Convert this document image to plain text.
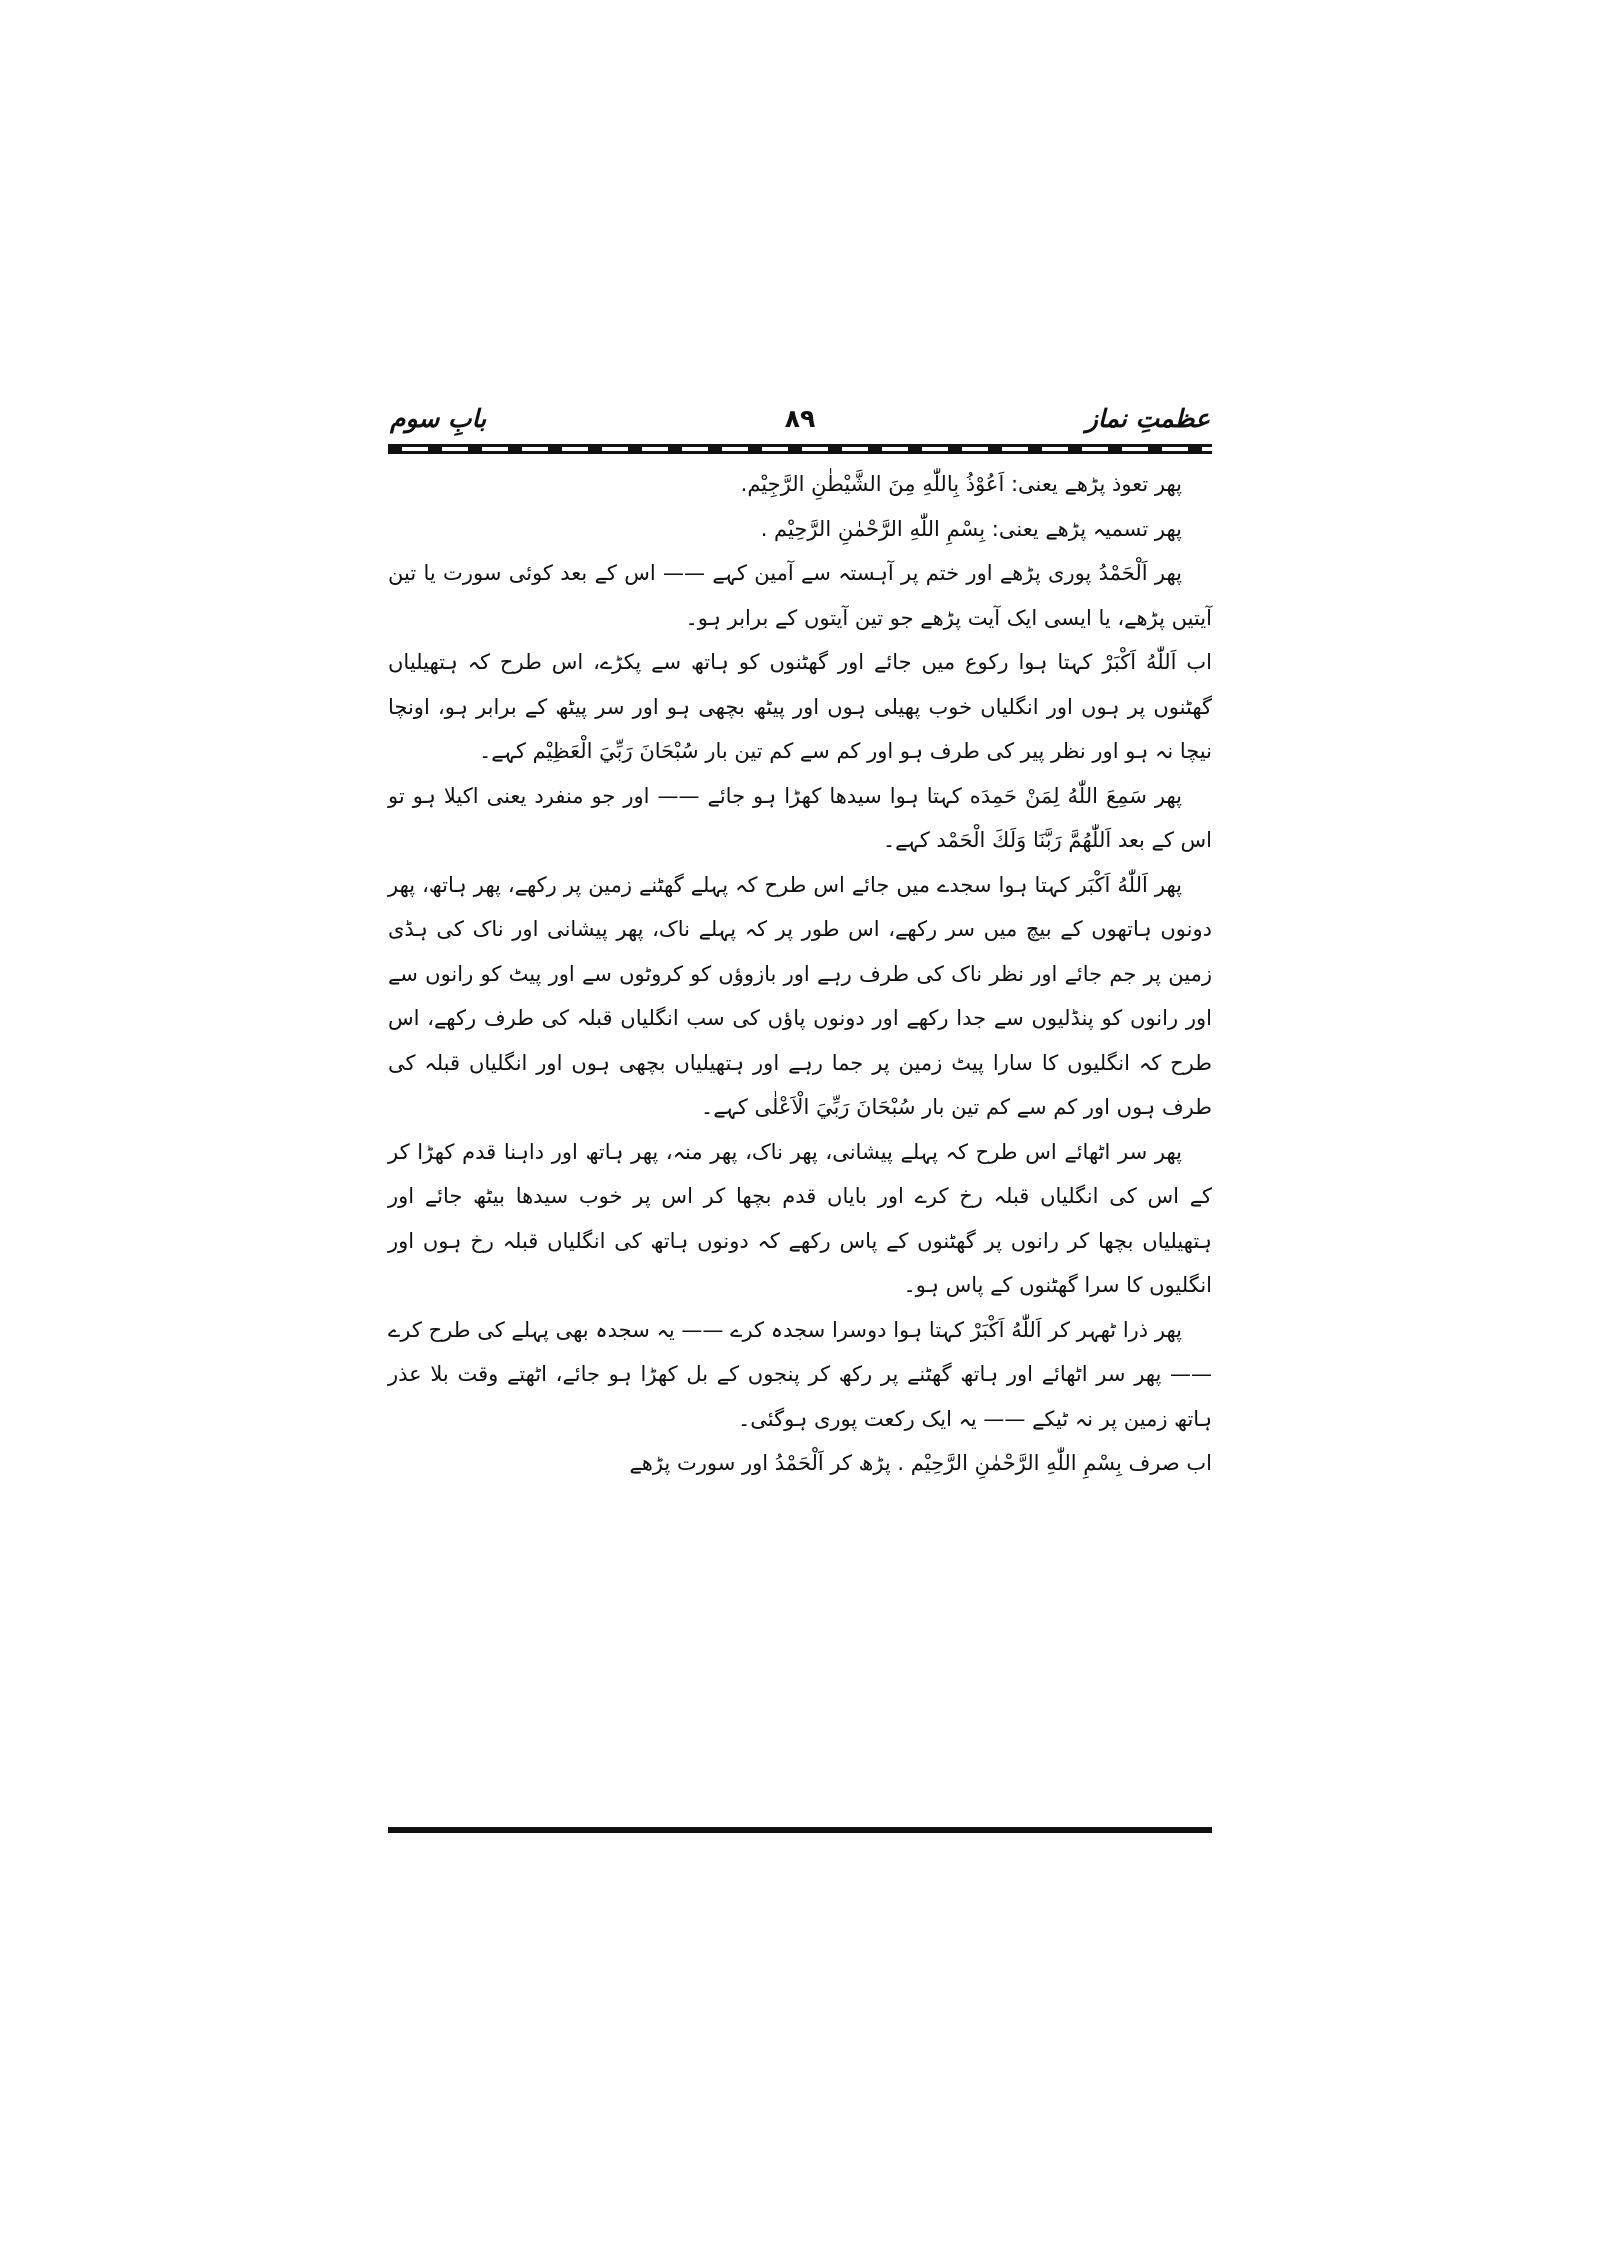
عظمتِ نماز
۸۹
بابِ سوم

پھر تعوذ پڑھے یعنی: اَعُوْذُ بِاللّٰهِ مِنَ الشَّيْطٰنِ الرَّجِيْم.

پھر تسمیہ پڑھے یعنی: بِسْمِ اللّٰهِ الرَّحْمٰنِ الرَّحِيْم .

پھر اَلْحَمْدُ پوری پڑھے اور ختم پر آہستہ سے آمین کہے —— اس کے بعد کوئی سورت یا تین آیتیں پڑھے، یا ایسی ایک آیت پڑھے جو تین آیتوں کے برابر ہو۔

اب اَللّٰهُ اَكْبَرْ کہتا ہوا رکوع میں جائے اور گھٹنوں کو ہاتھ سے پکڑے، اس طرح کہ ہتھیلیاں گھٹنوں پر ہوں اور انگلیاں خوب پھیلی ہوں اور پیٹھ بچھی ہو اور سر پیٹھ کے برابر ہو، اونچا نیچا نہ ہو اور نظر پیر کی طرف ہو اور کم سے کم تین بار سُبْحَانَ رَبِّيَ الْعَظِيْم کہے۔

پھر سَمِعَ اللّٰهُ لِمَنْ حَمِدَه کہتا ہوا سیدھا کھڑا ہو جائے —— اور جو منفرد یعنی اکیلا ہو تو اس کے بعد اَللّٰهُمَّ رَبَّنَا وَلَكَ الْحَمْد کہے۔

پھر اَللّٰهُ اَكْبَر کہتا ہوا سجدے میں جائے اس طرح کہ پہلے گھٹنے زمین پر رکھے، پھر ہاتھ، پھر دونوں ہاتھوں کے بیچ میں سر رکھے، اس طور پر کہ پہلے ناک، پھر پیشانی اور ناک کی ہڈی زمین پر جم جائے اور نظر ناک کی طرف رہے اور بازوؤں کو کروٹوں سے اور پیٹ کو رانوں سے اور رانوں کو پنڈلیوں سے جدا رکھے اور دونوں پاؤں کی سب انگلیاں قبلہ کی طرف رکھے، اس طرح کہ انگلیوں کا سارا پیٹ زمین پر جما رہے اور ہتھیلیاں بچھی ہوں اور انگلیاں قبلہ کی طرف ہوں اور کم سے کم تین بار سُبْحَانَ رَبِّيَ الْاَعْلٰى کہے۔

پھر سر اٹھائے اس طرح کہ پہلے پیشانی، پھر ناک، پھر منہ، پھر ہاتھ اور داہنا قدم کھڑا کر کے اس کی انگلیاں قبلہ رخ کرے اور بایاں قدم بچھا کر اس پر خوب سیدھا بیٹھ جائے اور ہتھیلیاں بچھا کر رانوں پر گھٹنوں کے پاس رکھے کہ دونوں ہاتھ کی انگلیاں قبلہ رخ ہوں اور انگلیوں کا سرا گھٹنوں کے پاس ہو۔

پھر ذرا ٹھہر کر اَللّٰهُ اَكْبَرْ کہتا ہوا دوسرا سجدہ کرے —— یہ سجدہ بھی پہلے کی طرح کرے —— پھر سر اٹھائے اور ہاتھ گھٹنے پر رکھ کر پنجوں کے بل کھڑا ہو جائے، اٹھتے وقت بلا عذر ہاتھ زمین پر نہ ٹیکے —— یہ ایک رکعت پوری ہوگئی۔

اب صرف بِسْمِ اللّٰهِ الرَّحْمٰنِ الرَّحِيْم . پڑھ کر اَلْحَمْدُ اور سورت پڑھے
